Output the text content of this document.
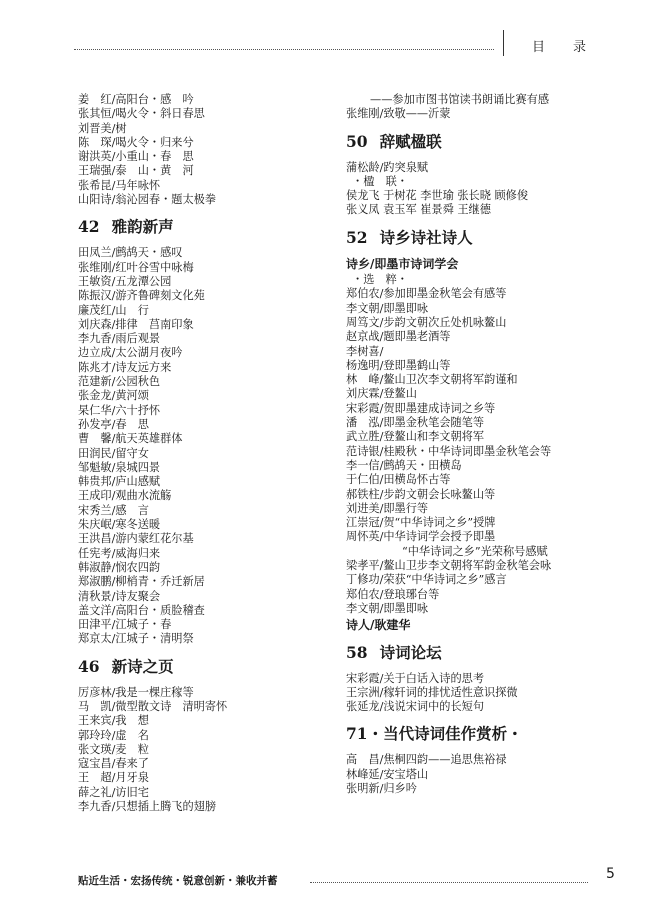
目录
姜　红/高阳台・感　吟
张其恒/喝火令・斜日春思
刘晋美/树
陈　琛/喝火令・归来兮
谢洪英/小重山・春　思
王瑞强/泰　山・黄　河
张希昆/马年咏怀
山阳诗/翁沁园春・题太极拳
42 雅韵新声
田凤兰/鹧鸪天・感叹
张维刚/红叶谷雪中咏梅
王敏资/五龙潭公园
陈振汉/游齐鲁碑刻文化苑
廉茂红/山　行
刘庆森/排律　莒南印象
李九香/雨后观景
边立成/太公湖月夜吟
陈兆才/诗友远方来
范建新/公园秋色
张金龙/黄河颂
杲仁华/六十抒怀
孙发亭/春　思
曹　馨/航天英雄群体
田润民/留守女
邹魁敏/泉城四景
韩贵邦/庐山感赋
王成印/观曲水流觞
宋秀兰/感　言
朱庆岷/寒冬送暖
王洪昌/游内蒙红花尔基
任宪考/威海归来
韩淑静/悯农四韵
郑淑鹏/柳梢青・乔迁新居
清秋景/诗友聚会
盖文洋/高阳台・质脸稽查
田津平/江城子・春
郑京太/江城子・清明祭
46 新诗之页
厉彦林/我是一棵庄稼等
马　凯/微型散文诗　清明寄怀
王来宾/我　想
郭玲玲/虚　名
张文瑛/麦　粒
寇宝昌/春来了
王　超/月牙泉
薛之礼/访旧宅
李九香/只想插上腾飞的翅膀
——参加市图书馆读书朗诵比赛有感
张维刚/致敬——沂蒙
50 辞赋楹联
蒲松龄/趵突泉赋
・楹　联・
侯龙飞 于树花 李世瑜 张长晓 顾修俊
张义凤 袁玉军 崔景舜 王继德
52 诗乡诗社诗人
诗乡/即墨市诗词学会
・选　粹・
郑伯农/参加即墨金秋笔会有感等
李文朝/即墨即咏
周笃文/步韵文朝次丘处机咏鳌山
赵京战/题即墨老酒等
李树喜/
杨逸明/登即墨鹤山等
林　峰/鳌山卫次李文朝将军韵谨和
刘庆霖/登鳌山
宋彩霞/贺即墨建成诗词之乡等
潘　泓/即墨金秋笔会随笔等
武立胜/登鳌山和李文朝将军
范诗银/桂殿秋・中华诗词即墨金秋笔会等
李一信/鹧鸪天・田横岛
于仁伯/田横岛怀古等
郝铁柱/步韵文朝会长咏鳌山等
刘进美/即墨行等
江崇冠/贺“中华诗词之乡”授牌
周怀英/中华诗词学会授予即墨
“中华诗词之乡”光荣称号感赋
梁孝平/鳌山卫步李文朝将军韵金秋笔会咏
丁修功/荣获“中华诗词之乡”感言
郑伯农/登琅琊台等
李文朝/即墨即咏
诗人/耿建华
58 诗词论坛
宋彩霞/关于白话入诗的思考
王宗洲/稼轩词的排忧适性意识探微
张延龙/浅说宋词中的长短句
71・当代诗词佳作赏析・
高　昌/焦桐四韵——追思焦裕禄
林峰延/安宝塔山
张明新/归乡吟
贴近生活・宏扬传统・锐意创新・兼收并蓄	5
